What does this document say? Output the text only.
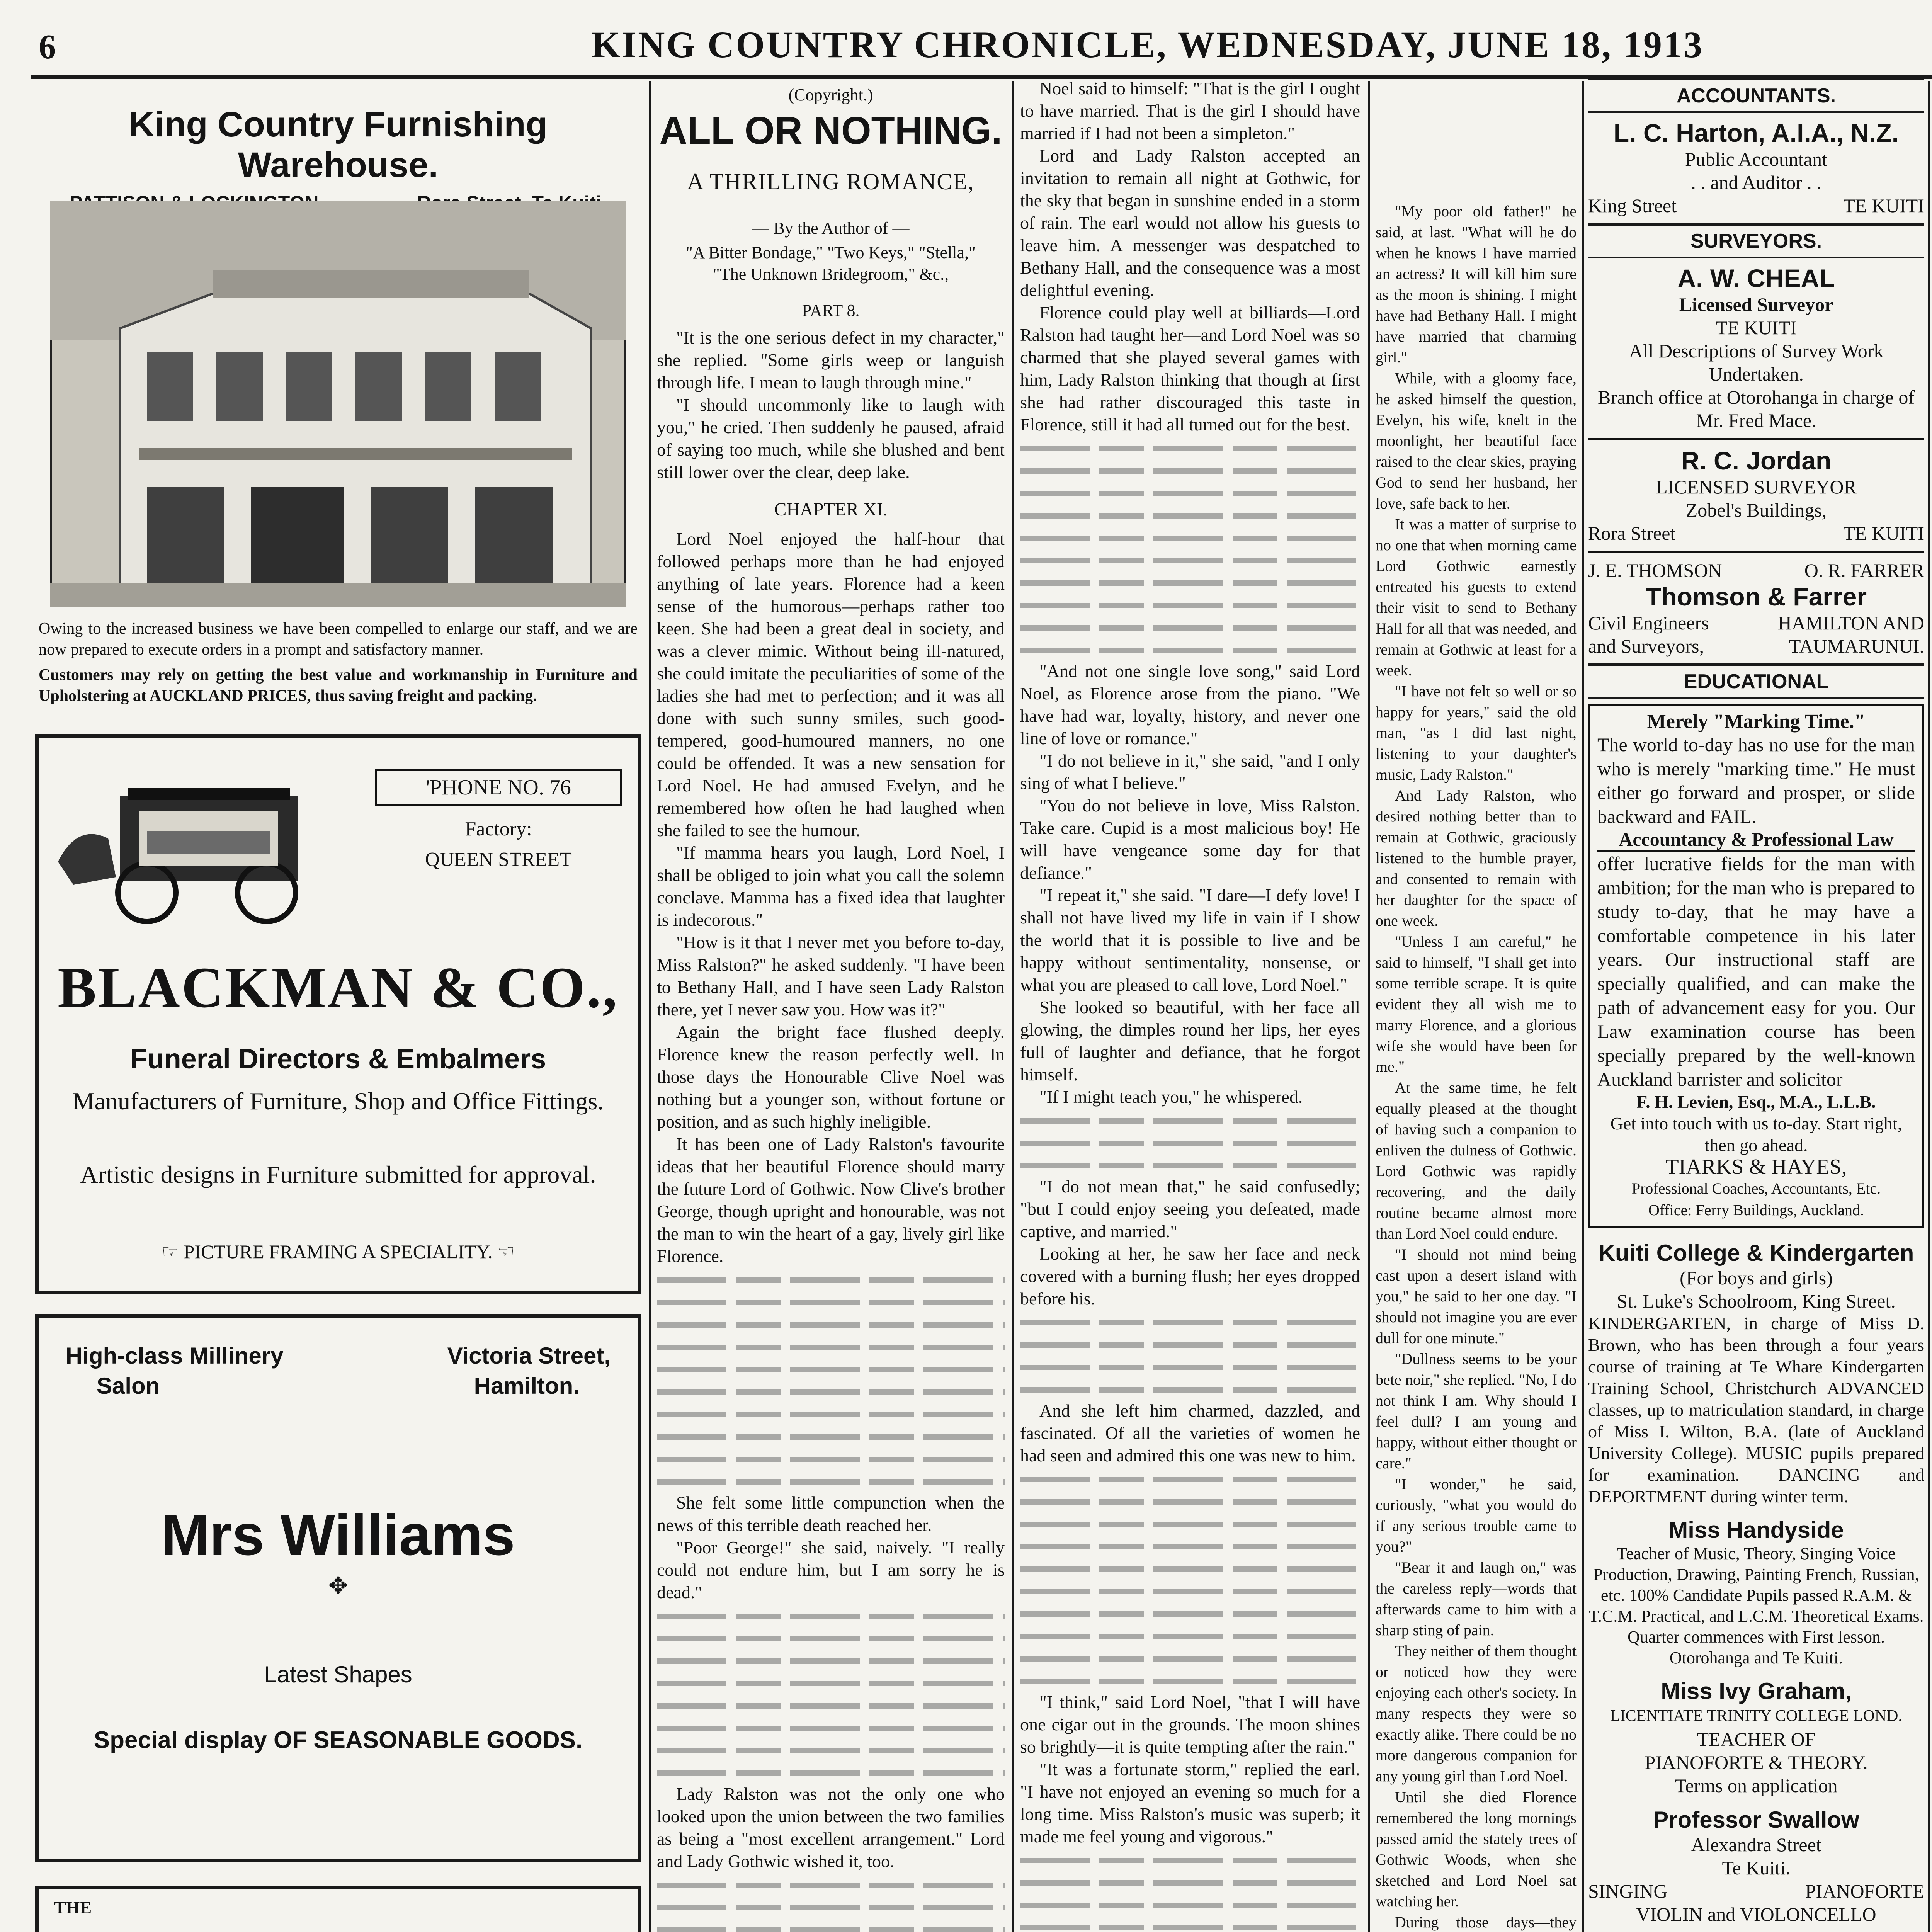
6	KING COUNTRY CHRONICLE, WEDNESDAY, JUNE 18, 1913
King Country Furnishing Warehouse.

Owing to the increased business we have been compelled to enlarge our staff, and we are now prepared to execute orders in a prompt and satisfactory manner.

Customers may rely on getting the best value and workmanship in Furniture and Upholstering at AUCKLAND PRICES, thus saving freight and packing.

'PHONE NO. 76
Factory:
QUEEN STREET
BLACKMAN & CO.,
Funeral Directors & Embalmers
Manufacturers of Furniture, Shop and Office Fittings.
Artistic designs in Furniture submitted for approval.
☞ PICTURE FRAMING A SPECIALITY. ☜
High-class Millinery	Victoria Street,
Salon	Hamilton.
Mrs Williams
✥
Latest Shapes
Special display OF SEASONABLE GOODS.
THE

(Copyright.)
ALL OR NOTHING.
A THRILLING ROMANCE,
— By the Author of —
"A Bitter Bondage," "Two Keys," "Stella," "The Unknown Bridegroom," &c.,
PART 8.

"It is the one serious defect in my character," she replied. "Some girls weep or languish through life. I mean to laugh through mine."

"I should uncommonly like to laugh with you," he cried. Then suddenly he paused, afraid of saying too much, while she blushed and bent still lower over the clear, deep lake.

CHAPTER XI.

Lord Noel enjoyed the half-hour that followed perhaps more than he had enjoyed anything of late years. Florence had a keen sense of the humorous—perhaps rather too keen. She had been a great deal in society, and was a clever mimic. Without being ill-natured, she could imitate the peculiarities of some of the ladies she had met to perfection; and it was all done with such sunny smiles, such good-tempered, good-humoured manners, no one could be offended. It was a new sensation for Lord Noel. He had amused Evelyn, and he remembered how often he had laughed when she failed to see the humour.

"If mamma hears you laugh, Lord Noel, I shall be obliged to join what you call the solemn conclave. Mamma has a fixed idea that laughter is indecorous."

"How is it that I never met you before to-day, Miss Ralston?" he asked suddenly. "I have been to Bethany Hall, and I have seen Lady Ralston there, yet I never saw you. How was it?"

Again the bright face flushed deeply. Florence knew the reason perfectly well. In those days the Honourable Clive Noel was nothing but a younger son, without fortune or position, and as such highly ineligible.

It has been one of Lady Ralston's favourite ideas that her beautiful Florence should marry the future Lord of Gothwic. Now Clive's brother George, though upright and honourable, was not the man to win the heart of a gay, lively girl like Florence.

She felt some little compunction when the news of this terrible death reached her.

"Poor George!" she said, naively. "I really could not endure him, but I am sorry he is dead."

Lady Ralston was not the only one who looked upon the union between the two families as being a "most excellent arrangement." Lord and Lady Gothwic wished it, too.

Noel said to himself: "That is the girl I ought to have married. That is the girl I should have married if I had not been a simpleton."

Lord and Lady Ralston accepted an invitation to remain all night at Gothwic, for the sky that began in sunshine ended in a storm of rain. The earl would not allow his guests to leave him. A messenger was despatched to Bethany Hall, and the consequence was a most delightful evening.

Florence could play well at billiards—Lord Ralston had taught her—and Lord Noel was so charmed that she played several games with him, Lady Ralston thinking that though at first she had rather discouraged this taste in Florence, still it had all turned out for the best.

"And not one single love song," said Lord Noel, as Florence arose from the piano. "We have had war, loyalty, history, and never one line of love or romance."

"I do not believe in it," she said, "and I only sing of what I believe."

"You do not believe in love, Miss Ralston. Take care. Cupid is a most malicious boy! He will have vengeance some day for that defiance."

"I repeat it," she said. "I dare—I defy love! I shall not have lived my life in vain if I show the world that it is possible to live and be happy without sentimentality, nonsense, or what you are pleased to call love, Lord Noel."

She looked so beautiful, with her face all glowing, the dimples round her lips, her eyes full of laughter and defiance, that he forgot himself.

"If I might teach you," he whispered.

"I do not mean that," he said confusedly; "but I could enjoy seeing you defeated, made captive, and married."

Looking at her, he saw her face and neck covered with a burning flush; her eyes dropped before his.

And she left him charmed, dazzled, and fascinated. Of all the varieties of women he had seen and admired this one was new to him.

"I think," said Lord Noel, "that I will have one cigar out in the grounds. The moon shines so brightly—it is quite tempting after the rain."

"It was a fortunate storm," replied the earl. "I have not enjoyed an evening so much for a long time. Miss Ralston's music was superb; it made me feel young and vigorous."

"My poor old father!" he said, at last. "What will he do when he knows I have married an actress? It will kill him sure as the moon is shining. I might have had Bethany Hall. I might have married that charming girl."

While, with a gloomy face, he asked himself the question, Evelyn, his wife, knelt in the moonlight, her beautiful face raised to the clear skies, praying God to send her husband, her love, safe back to her.

It was a matter of surprise to no one that when morning came Lord Gothwic earnestly entreated his guests to extend their visit to send to Bethany Hall for all that was needed, and remain at Gothwic at least for a week.

"I have not felt so well or so happy for years," said the old man, "as I did last night, listening to your daughter's music, Lady Ralston."

And Lady Ralston, who desired nothing better than to remain at Gothwic, graciously listened to the humble prayer, and consented to remain with her daughter for the space of one week.

"Unless I am careful," he said to himself, "I shall get into some terrible scrape. It is quite evident they all wish me to marry Florence, and a glorious wife she would have been for me."

At the same time, he felt equally pleased at the thought of having such a companion to enliven the dulness of Gothwic. Lord Gothwic was rapidly recovering, and the daily routine became almost more than Lord Noel could endure.

"I should not mind being cast upon a desert island with you," he said to her one day. "I should not imagine you are ever dull for one minute."

"Dullness seems to be your bete noir," she replied. "No, I do not think I am. Why should I feel dull? I am young and happy, without either thought or care."

"I wonder," he said, curiously, "what you would do if any serious trouble came to you?"

"Bear it and laugh on," was the careless reply—words that afterwards came to him with a sharp sting of pain.

They neither of them thought or noticed how they were enjoying each other's society. In many respects they were so exactly alike. There could be no more dangerous companion for any young girl than Lord Noel.

Until she died Florence remembered the long mornings passed amid the stately trees of Gothwic Woods, when she sketched and Lord Noel sat watching her.

During those days—they

ACCOUNTANTS.
L. C. Harton, A.I.A., N.Z.
Public Accountant
. . and Auditor . .
King Street	TE KUITI
SURVEYORS.
A. W. CHEAL
Licensed Surveyor
TE KUITI
All Descriptions of Survey Work Undertaken.
Branch office at Otorohanga in charge of Mr. Fred Mace.
R. C. Jordan
LICENSED SURVEYOR
Zobel's Buildings,
Rora Street	TE KUITI
J. E. THOMSON	O. R. FARRER
Thomson & Farrer
Civil Engineers	HAMILTON AND
and Surveyors,	TAUMARUNUI.
EDUCATIONAL
Merely "Marking Time."

The world to-day has no use for the man who is merely "marking time." He must either go forward and prosper, or slide backward and FAIL.

Accountancy & Professional Law

offer lucrative fields for the man with ambition; for the man who is prepared to study to-day, that he may have a comfortable competence in his later years. Our instructional staff are specially qualified, and can make the path of advancement easy for you. Our Law examination course has been specially prepared by the well-known Auckland barrister and solicitor

F. H. Levien, Esq., M.A., L.L.B.
Get into touch with us to-day. Start right, then go ahead.
TIARKS & HAYES,
Professional Coaches, Accountants, Etc.
Office: Ferry Buildings, Auckland.
Kuiti College & Kindergarten
(For boys and girls)
St. Luke's Schoolroom, King Street.

KINDERGARTEN, in charge of Miss D. Brown, who has been through a four years course of training at Te Whare Kindergarten Training School, Christchurch ADVANCED classes, up to matriculation standard, in charge of Miss I. Wilton, B.A. (late of Auckland University College). MUSIC pupils prepared for examination. DANCING and DEPORTMENT during winter term.

Miss Handyside

Teacher of Music, Theory, Singing Voice Production, Drawing, Painting French, Russian, etc. 100% Candidate Pupils passed R.A.M. & T.C.M. Practical, and L.C.M. Theoretical Exams. Quarter commences with First lesson. Otorohanga and Te Kuiti.

Miss Ivy Graham,
LICENTIATE TRINITY COLLEGE LOND.
TEACHER OF
PIANOFORTE & THEORY.
Terms on application
Professor Swallow
Alexandra Street
Te Kuiti.
SINGING	PIANOFORTE
VIOLIN and VIOLONCELLO
